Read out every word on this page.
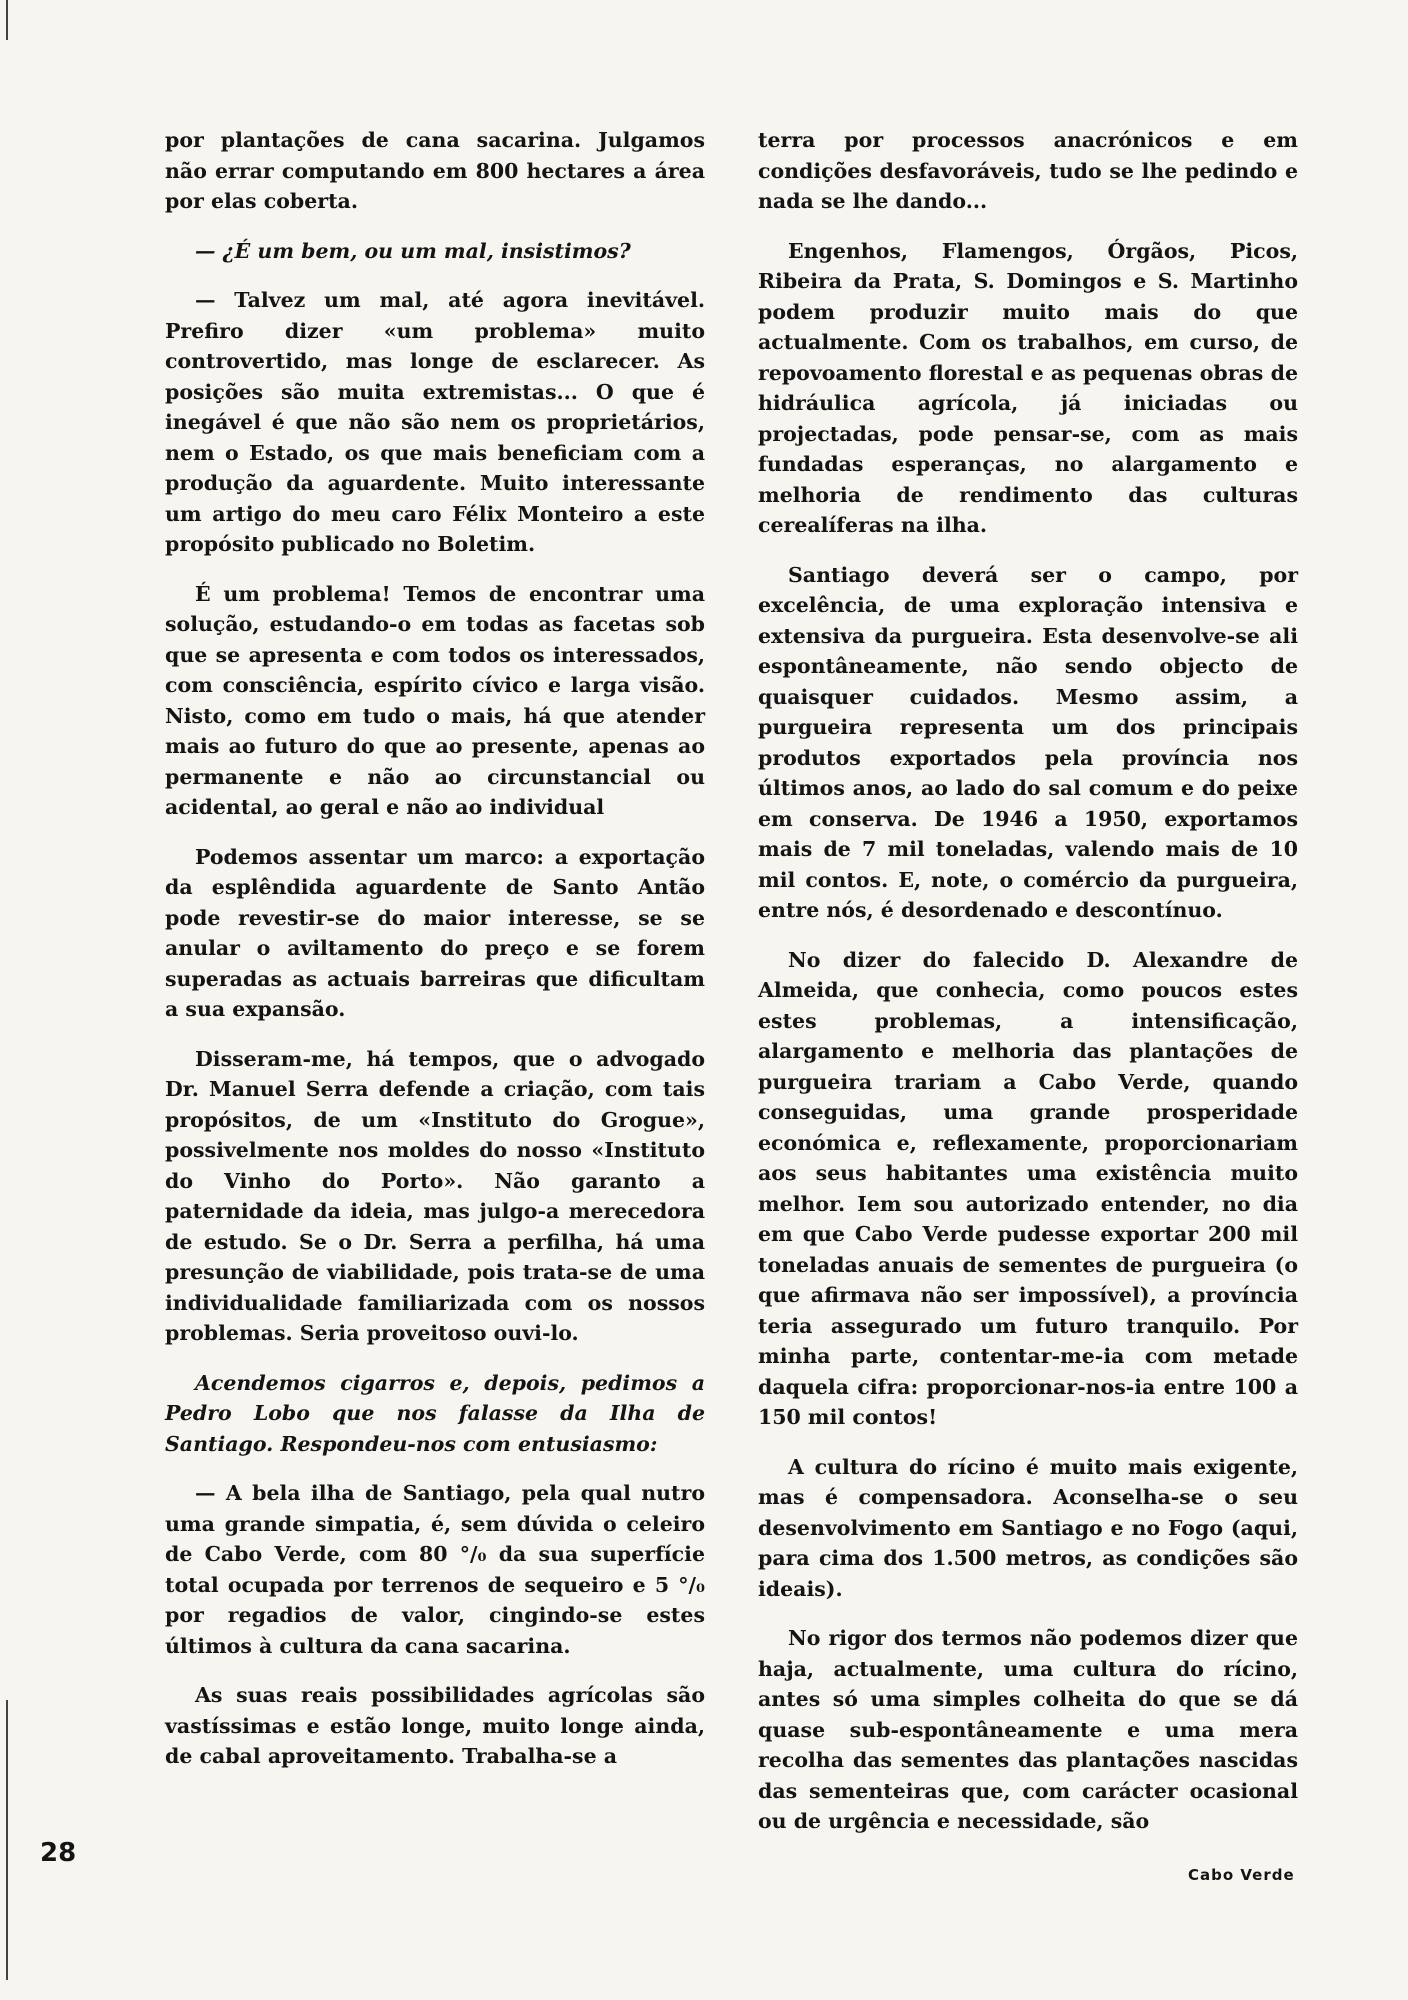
por plantações de cana sacarina. Julgamos não errar computando em 800 hectares a área por elas coberta.

— ¿É um bem, ou um mal, insistimos?

— Talvez um mal, até agora inevitável. Prefiro dizer «um problema» muito controvertido, mas longe de esclarecer. As posições são muita extremistas... O que é inegável é que não são nem os proprietários, nem o Estado, os que mais beneficiam com a produção da aguardente. Muito interessante um artigo do meu caro Félix Monteiro a este propósito publicado no Boletim.

É um problema! Temos de encontrar uma solução, estudando-o em todas as facetas sob que se apresenta e com todos os interessados, com consciência, espírito cívico e larga visão. Nisto, como em tudo o mais, há que atender mais ao futuro do que ao presente, apenas ao permanente e não ao circunstancial ou acidental, ao geral e não ao individual

Podemos assentar um marco: a exportação da esplêndida aguardente de Santo Antão pode revestir-se do maior interesse, se se anular o aviltamento do preço e se forem superadas as actuais barreiras que dificultam a sua expansão.

Disseram-me, há tempos, que o advogado Dr. Manuel Serra defende a criação, com tais propósitos, de um «Instituto do Grogue», possivelmente nos moldes do nosso «Instituto do Vinho do Porto». Não garanto a paternidade da ideia, mas julgo-a merecedora de estudo. Se o Dr. Serra a perfilha, há uma presunção de viabilidade, pois trata-se de uma individualidade familiarizada com os nossos problemas. Seria proveitoso ouvi-lo.

Acendemos cigarros e, depois, pedimos a Pedro Lobo que nos falasse da Ilha de Santiago. Respondeu-nos com entusiasmo:

— A bela ilha de Santiago, pela qual nutro uma grande simpatia, é, sem dúvida o celeiro de Cabo Verde, com 80 °/₀ da sua superfície total ocupada por terrenos de sequeiro e 5 °/₀ por regadios de valor, cingindo-se estes últimos à cultura da cana sacarina.

As suas reais possibilidades agrícolas são vastíssimas e estão longe, muito longe ainda, de cabal aproveitamento. Trabalha-se a

terra por processos anacrónicos e em condições desfavoráveis, tudo se lhe pedindo e nada se lhe dando...

Engenhos, Flamengos, Órgãos, Picos, Ribeira da Prata, S. Domingos e S. Martinho podem produzir muito mais do que actualmente. Com os trabalhos, em curso, de repovoamento florestal e as pequenas obras de hidráulica agrícola, já iniciadas ou projectadas, pode pensar-se, com as mais fundadas esperanças, no alargamento e melhoria de rendimento das culturas cerealíferas na ilha.

Santiago deverá ser o campo, por excelência, de uma exploração intensiva e extensiva da purgueira. Esta desenvolve-se ali espontâneamente, não sendo objecto de quaisquer cuidados. Mesmo assim, a purgueira representa um dos principais produtos exportados pela província nos últimos anos, ao lado do sal comum e do peixe em conserva. De 1946 a 1950, exportamos mais de 7 mil toneladas, valendo mais de 10 mil contos. E, note, o comércio da purgueira, entre nós, é desordenado e descontínuo.

No dizer do falecido D. Alexandre de Almeida, que conhecia, como poucos estes estes problemas, a intensificação, alargamento e melhoria das plantações de purgueira trariam a Cabo Verde, quando conseguidas, uma grande prosperidade económica e, reflexamente, proporcionariam aos seus habitantes uma existência muito melhor. Iem sou autorizado entender, no dia em que Cabo Verde pudesse exportar 200 mil toneladas anuais de sementes de purgueira (o que afirmava não ser impossível), a província teria assegurado um futuro tranquilo. Por minha parte, contentar-me-ia com metade daquela cifra: proporcionar-nos-ia entre 100 a 150 mil contos!

A cultura do rícino é muito mais exigente, mas é compensadora. Aconselha-se o seu desenvolvimento em Santiago e no Fogo (aqui, para cima dos 1.500 metros, as condições são ideais).

No rigor dos termos não podemos dizer que haja, actualmente, uma cultura do rícino, antes só uma simples colheita do que se dá quase sub-espontâneamente e uma mera recolha das sementes das plantações nascidas das sementeiras que, com carácter ocasional ou de urgência e necessidade, são

28
Cabo Verde
